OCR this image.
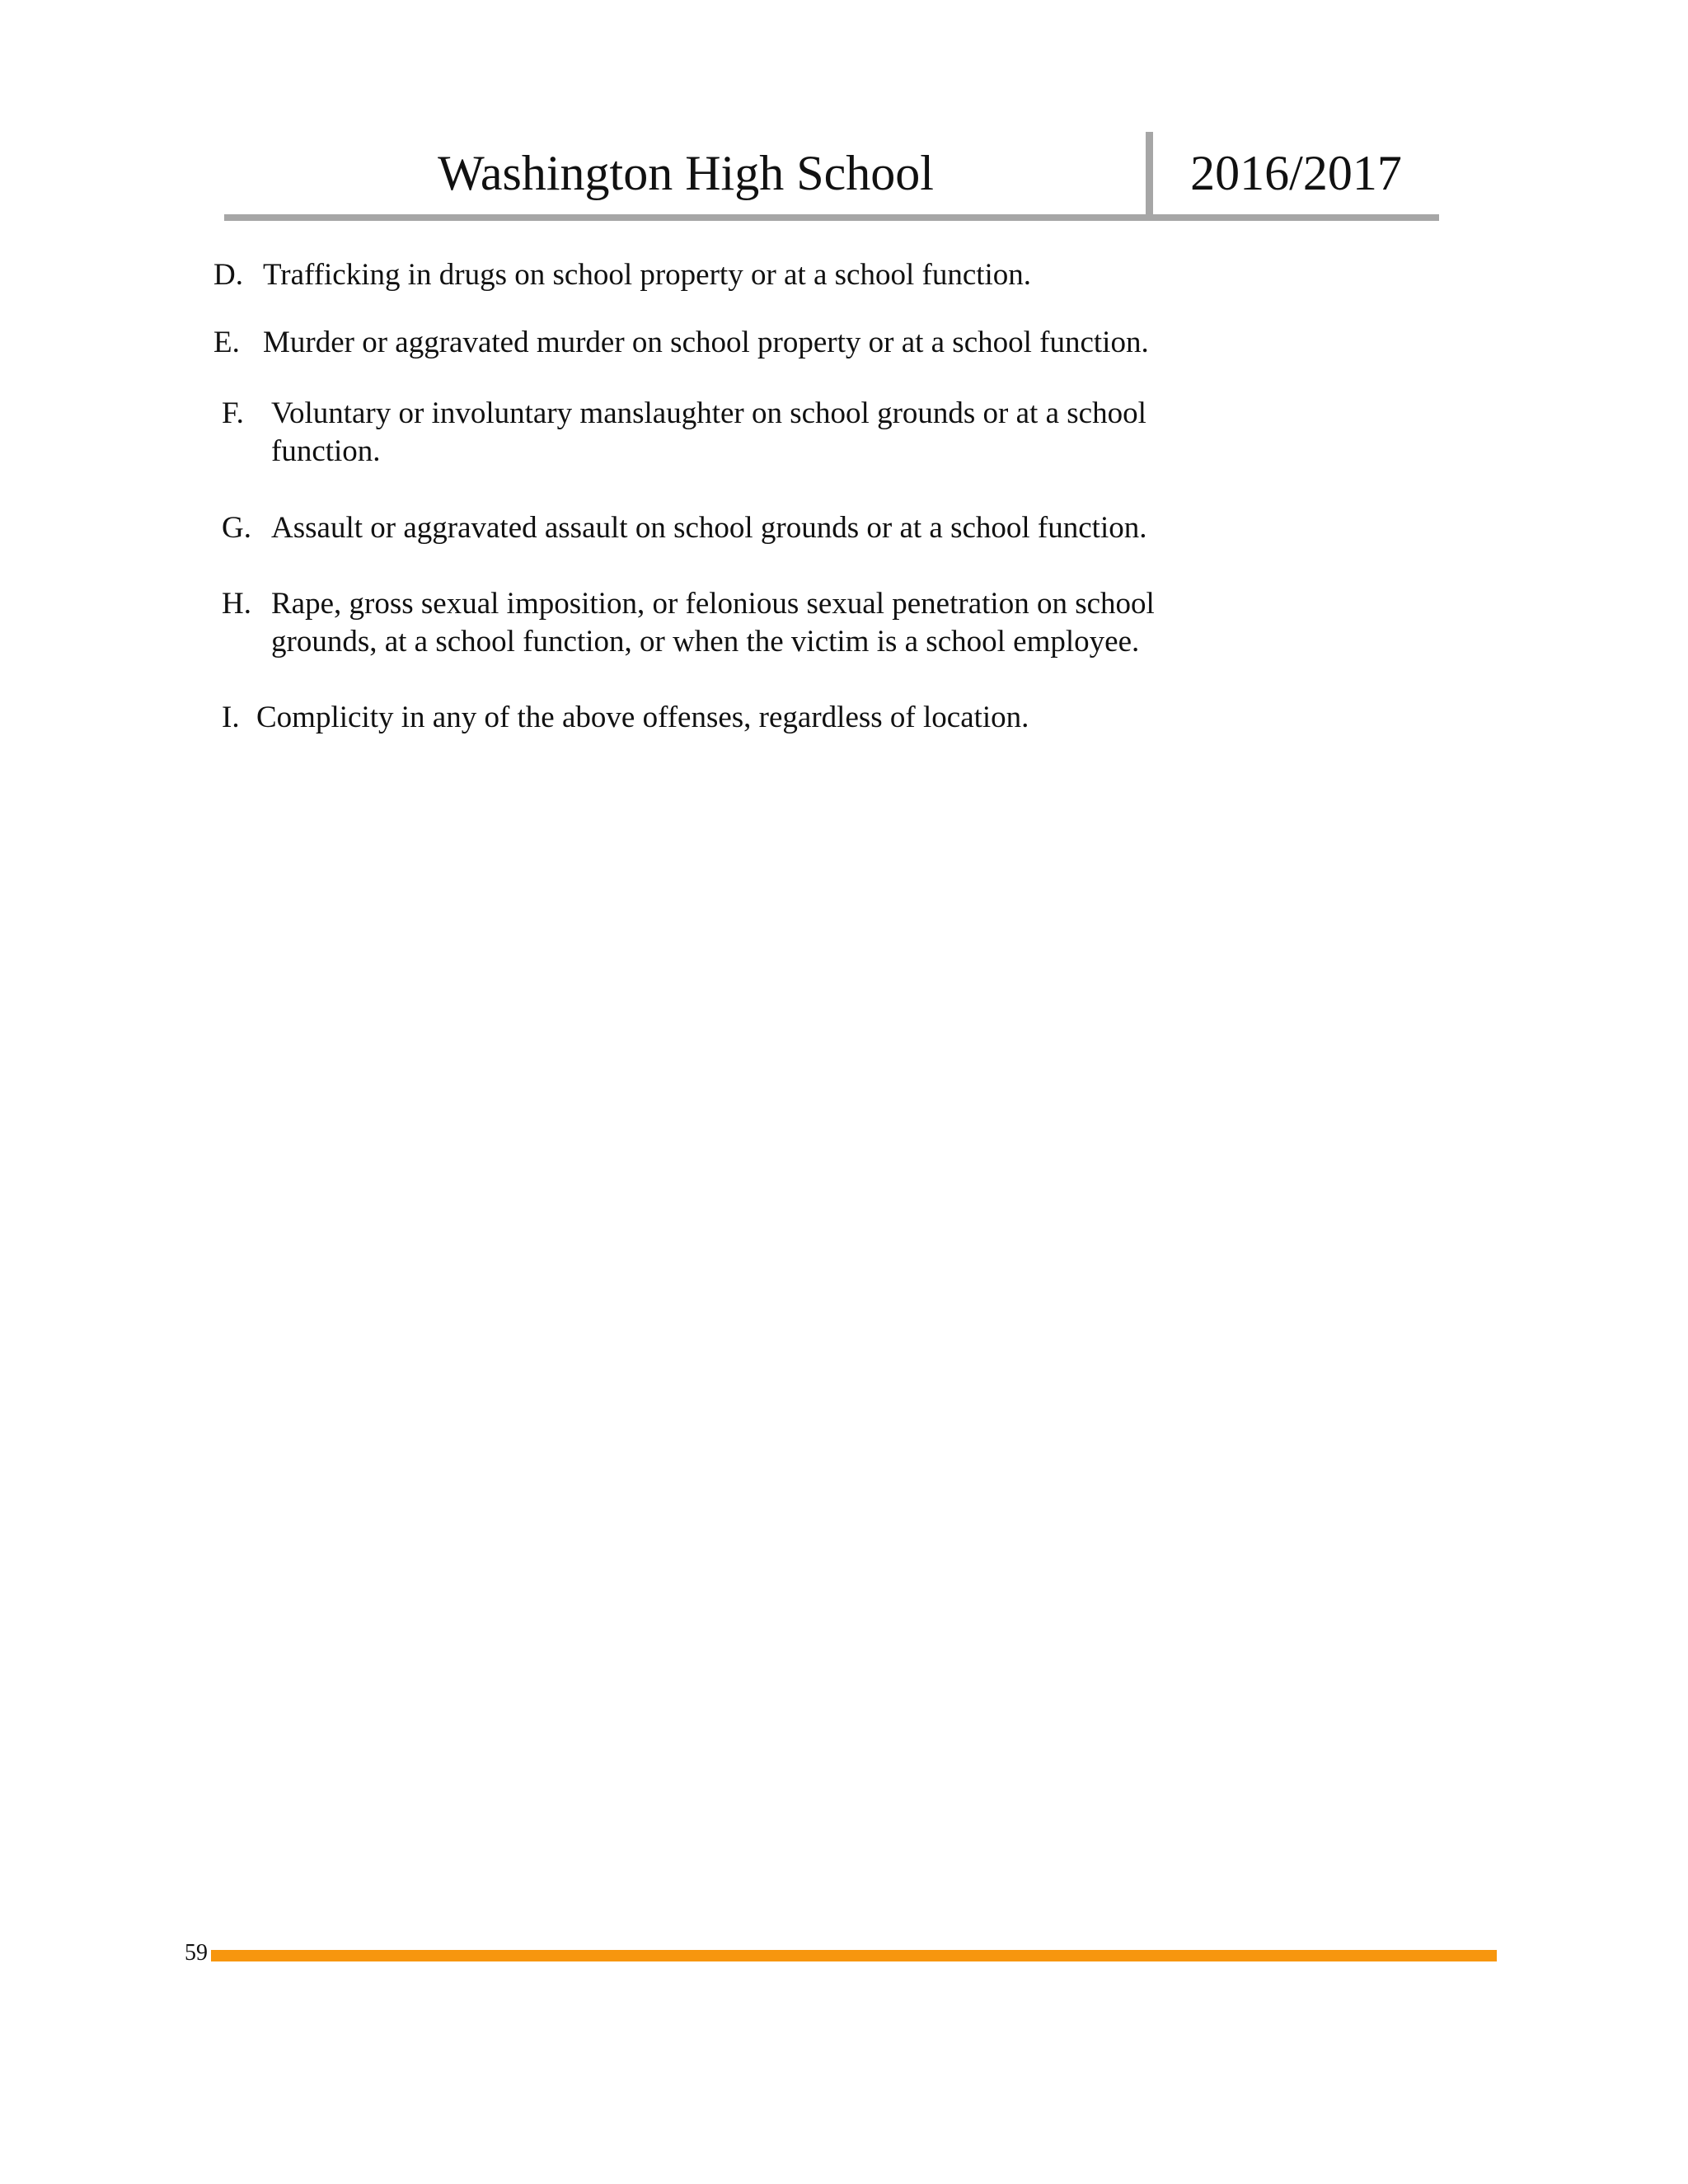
Washington High School	2016/2017
D. Trafficking in drugs on school property or at a school function.
E. Murder or aggravated murder on school property or at a school function.
F. Voluntary or involuntary manslaughter on school grounds or at a school
function.
G. Assault or aggravated assault on school grounds or at a school function.
H. Rape, gross sexual imposition, or felonious sexual penetration on school
grounds, at a school function, or when the victim is a school employee.
I. Complicity in any of the above offenses, regardless of location.
59
